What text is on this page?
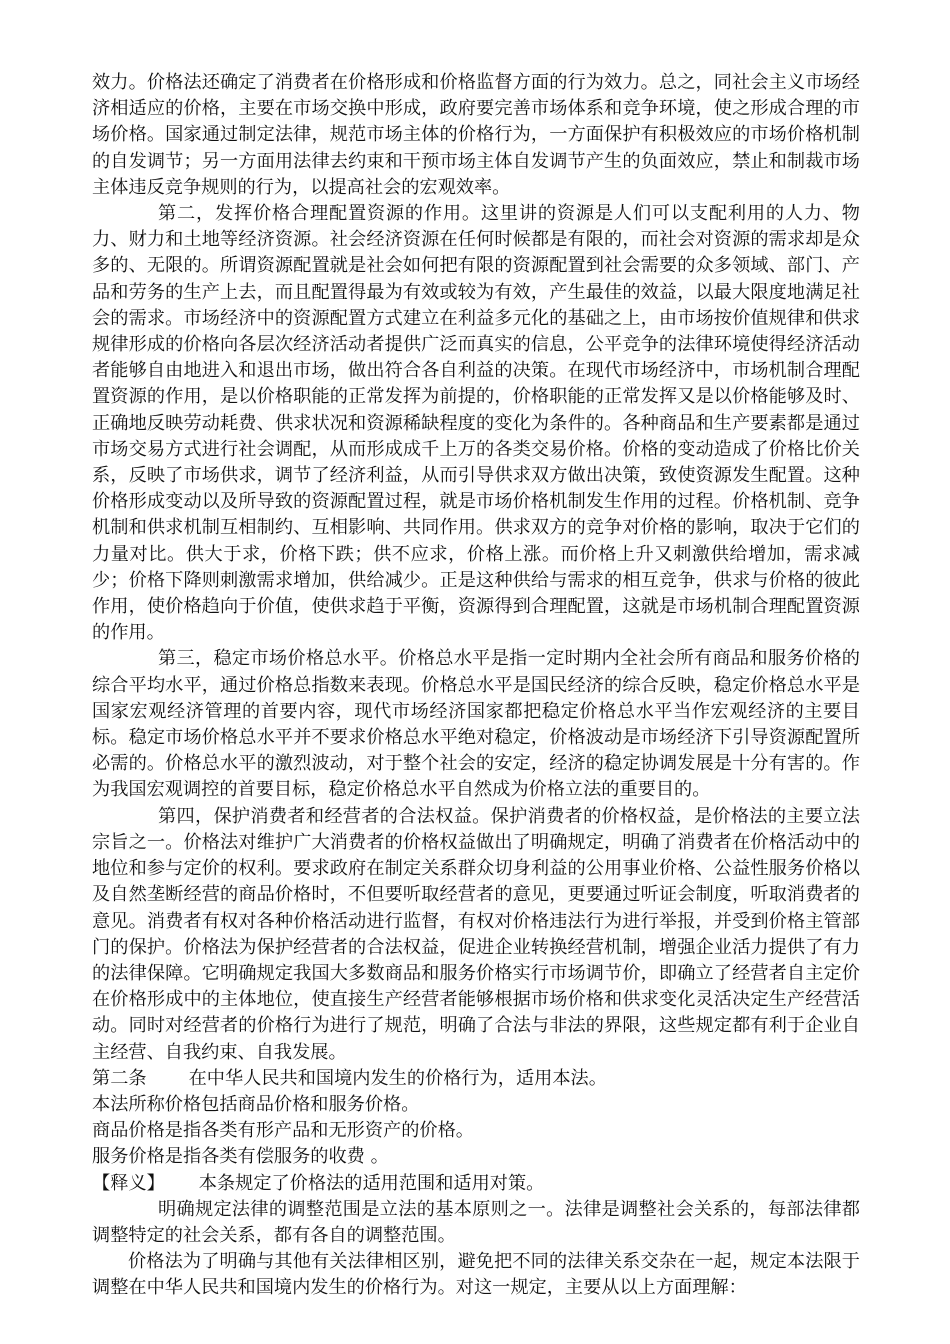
效力。价格法还确定了消费者在价格形成和价格监督方面的行为效力。总之，同社会主义市场经济相适应的价格，主要在市场交换中形成，政府要完善市场体系和竞争环境，使之形成合理的市场价格。国家通过制定法律，规范市场主体的价格行为，一方面保护有积极效应的市场价格机制的自发调节；另一方面用法律去约束和干预市场主体自发调节产生的负面效应，禁止和制裁市场主体违反竞争规则的行为，以提高社会的宏观效率。

第二，发挥价格合理配置资源的作用。这里讲的资源是人们可以支配利用的人力、物力、财力和土地等经济资源。社会经济资源在任何时候都是有限的，而社会对资源的需求却是众多的、无限的。所谓资源配置就是社会如何把有限的资源配置到社会需要的众多领域、部门、产品和劳务的生产上去，而且配置得最为有效或较为有效，产生最佳的效益，以最大限度地满足社会的需求。市场经济中的资源配置方式建立在利益多元化的基础之上，由市场按价值规律和供求规律形成的价格向各层次经济活动者提供广泛而真实的信息，公平竞争的法律环境使得经济活动者能够自由地进入和退出市场，做出符合各自利益的决策。在现代市场经济中，市场机制合理配置资源的作用，是以价格职能的正常发挥为前提的，价格职能的正常发挥又是以价格能够及时、正确地反映劳动耗费、供求状况和资源稀缺程度的变化为条件的。各种商品和生产要素都是通过市场交易方式进行社会调配，从而形成成千上万的各类交易价格。价格的变动造成了价格比价关系，反映了市场供求，调节了经济利益，从而引导供求双方做出决策，致使资源发生配置。这种价格形成变动以及所导致的资源配置过程，就是市场价格机制发生作用的过程。价格机制、竞争机制和供求机制互相制约、互相影响、共同作用。供求双方的竞争对价格的影响，取决于它们的力量对比。供大于求，价格下跌；供不应求，价格上涨。而价格上升又刺激供给增加，需求减少；价格下降则刺激需求增加，供给减少。正是这种供给与需求的相互竞争，供求与价格的彼此作用，使价格趋向于价值，使供求趋于平衡，资源得到合理配置，这就是市场机制合理配置资源的作用。

第三，稳定市场价格总水平。价格总水平是指一定时期内全社会所有商品和服务价格的综合平均水平，通过价格总指数来表现。价格总水平是国民经济的综合反映，稳定价格总水平是国家宏观经济管理的首要内容，现代市场经济国家都把稳定价格总水平当作宏观经济的主要目标。稳定市场价格总水平并不要求价格总水平绝对稳定，价格波动是市场经济下引导资源配置所必需的。价格总水平的激烈波动，对于整个社会的安定，经济的稳定协调发展是十分有害的。作为我国宏观调控的首要目标，稳定价格总水平自然成为价格立法的重要目的。

第四，保护消费者和经营者的合法权益。保护消费者的价格权益，是价格法的主要立法宗旨之一。价格法对维护广大消费者的价格权益做出了明确规定，明确了消费者在价格活动中的地位和参与定价的权利。要求政府在制定关系群众切身利益的公用事业价格、公益性服务价格以及自然垄断经营的商品价格时，不但要听取经营者的意见，更要通过听证会制度，听取消费者的意见。消费者有权对各种价格活动进行监督，有权对价格违法行为进行举报，并受到价格主管部门的保护。价格法为保护经营者的合法权益，促进企业转换经营机制，增强企业活力提供了有力的法律保障。它明确规定我国大多数商品和服务价格实行市场调节价，即确立了经营者自主定价在价格形成中的主体地位，使直接生产经营者能够根据市场价格和供求变化灵活决定生产经营活动。同时对经营者的价格行为进行了规范，明确了合法与非法的界限，这些规定都有利于企业自主经营、自我约束、自我发展。

第二条 在中华人民共和国境内发生的价格行为，适用本法。

本法所称价格包括商品价格和服务价格。

商品价格是指各类有形产品和无形资产的价格。

服务价格是指各类有偿服务的收费 。

【释义】 本条规定了价格法的适用范围和适用对策。

明确规定法律的调整范围是立法的基本原则之一。法律是调整社会关系的，每部法律都调整特定的社会关系，都有各自的调整范围。

价格法为了明确与其他有关法律相区别，避免把不同的法律关系交杂在一起，规定本法限于调整在中华人民共和国境内发生的价格行为。对这一规定，主要从以上方面理解：
